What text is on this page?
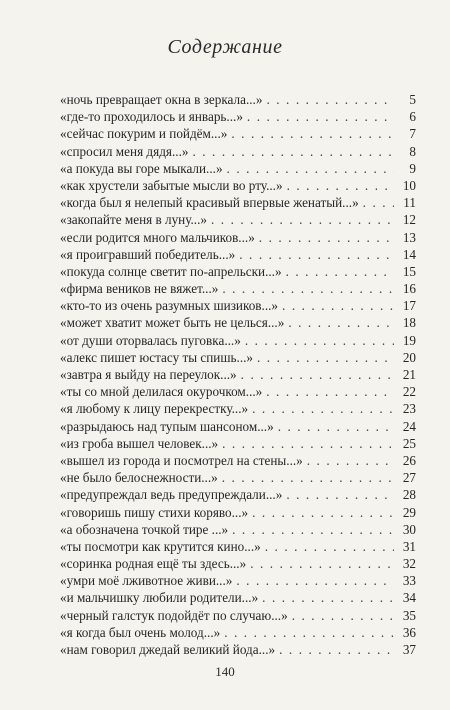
Содержание
«ночь превращает окна в зеркала...» . . .	5
«где-то проходилось и январь...» . . .	6
«сейчас покурим и пойдём...» . . .	7
«спросил меня дядя...» . . .	8
«а покуда вы горе мыкали...» . . .	9
«как хрустели забытые мысли во рту...» . . .	10
«когда был я нелепый красивый впервые женатый...» . . .	11
«закопайте меня в луну...» . . .	12
«если родится много мальчиков...» . . .	13
«я проигравший победитель...» . . .	14
«покуда солнце светит по-апрельски...» . . .	15
«фирма веников не вяжет...» . . .	16
«кто-то из очень разумных шизиков...» . . .	17
«может хватит может быть не целься...» . . .	18
«от души оторвалась пуговка...» . . .	19
«алекс пишет юстасу ты спишь...» . . .	20
«завтра я выйду на переулок...» . . .	21
«ты со мной делилася окурочком...» . . .	22
«я любому к лицу перекрестку...» . . .	23
«разрыдаюсь над тупым шансоном...» . . .	24
«из гроба вышел человек...» . . .	25
«вышел из города и посмотрел на стены...» . . .	26
«не было белоснежности...» . . .	27
«предупреждал ведь предупреждали...» . . .	28
«говоришь пишу стихи коряво...» . . .	29
«а обозначена точкой тире ...» . . .	30
«ты посмотри как крутится кино...» . . .	31
«соринка родная ещё ты здесь...» . . .	32
«умри моё лживотное живи...» . . .	33
«и мальчишку любили родители...» . . .	34
«черный галстук подойдёт по случаю...» . . .	35
«я когда был очень молод...» . . .	36
«нам говорил джедай великий йода...» . . .	37
140
